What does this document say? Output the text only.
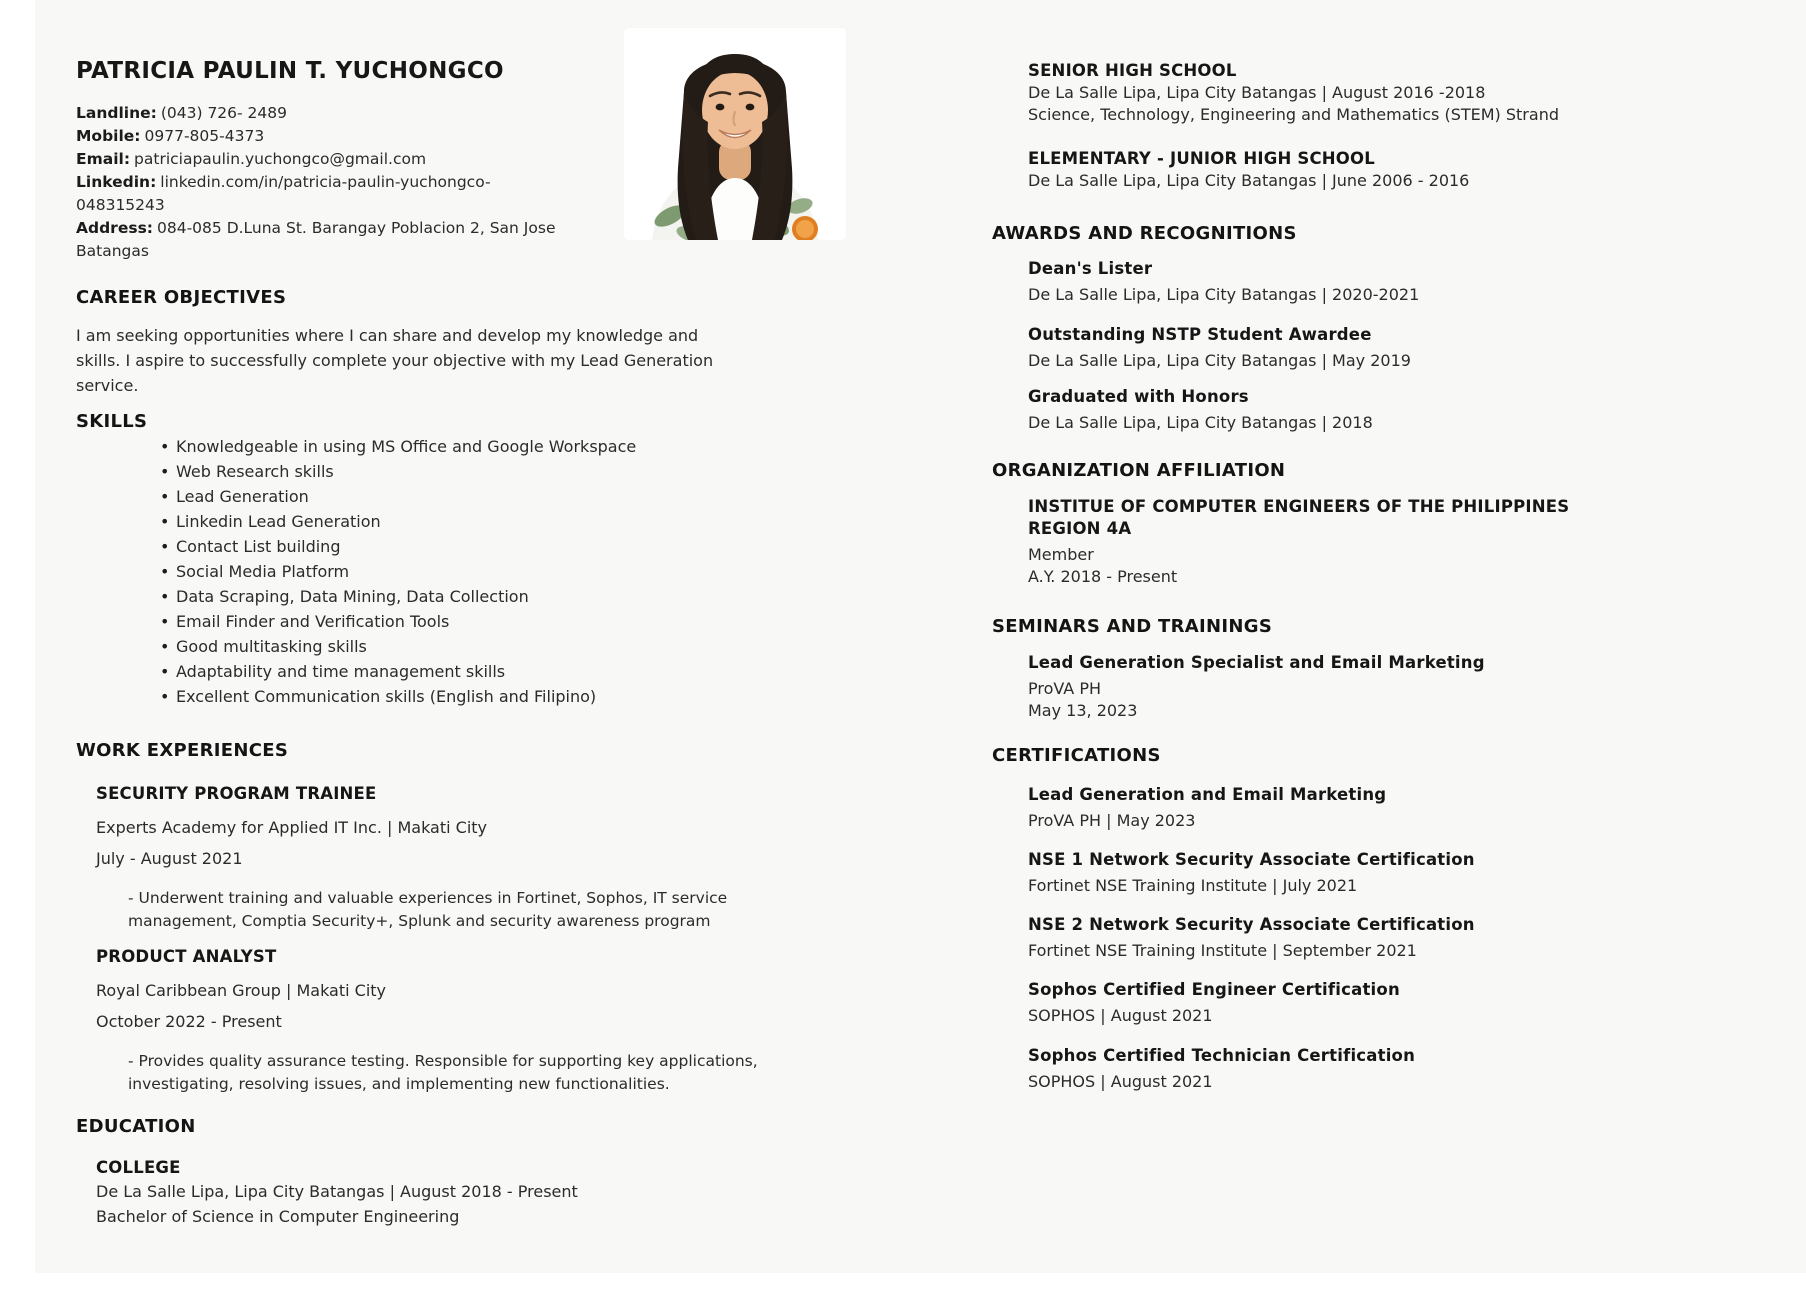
PATRICIA PAULIN T. YUCHONGCO
Landline: (043) 726- 2489
Mobile: 0977-805-4373
Email: patriciapaulin.yuchongco@gmail.com
Linkedin: linkedin.com/in/patricia-paulin-yuchongco-048315243
Address: 084-085 D.Luna St. Barangay Poblacion 2, San Jose Batangas
CAREER OBJECTIVES

I am seeking opportunities where I can share and develop my knowledge and skills. I aspire to successfully complete your objective with my Lead Generation service.

SKILLS
• Knowledgeable in using MS Office and Google Workspace
• Web Research skills
• Lead Generation
• Linkedin Lead Generation
• Contact List building
• Social Media Platform
• Data Scraping, Data Mining, Data Collection
• Email Finder and Verification Tools
• Good multitasking skills
• Adaptability and time management skills
• Excellent Communication skills (English and Filipino)
WORK EXPERIENCES
SECURITY PROGRAM TRAINEE

Experts Academy for Applied IT Inc. | Makati City

July - August 2021

- Underwent training and valuable experiences in Fortinet, Sophos, IT service management, Comptia Security+, Splunk and security awareness program

PRODUCT ANALYST

Royal Caribbean Group | Makati City

October 2022 - Present

- Provides quality assurance testing. Responsible for supporting key applications, investigating, resolving issues, and implementing new functionalities.

EDUCATION
COLLEGE

De La Salle Lipa, Lipa City Batangas | August 2018 - Present

Bachelor of Science in Computer Engineering

SENIOR HIGH SCHOOL

De La Salle Lipa, Lipa City Batangas | August 2016 -2018

Science, Technology, Engineering and Mathematics (STEM) Strand

ELEMENTARY - JUNIOR HIGH SCHOOL

De La Salle Lipa, Lipa City Batangas | June 2006 - 2016

AWARDS AND RECOGNITIONS
Dean's Lister

De La Salle Lipa, Lipa City Batangas | 2020-2021

Outstanding NSTP Student Awardee

De La Salle Lipa, Lipa City Batangas | May 2019

Graduated with Honors

De La Salle Lipa, Lipa City Batangas | 2018

ORGANIZATION AFFILIATION
INSTITUE OF COMPUTER ENGINEERS OF THE PHILIPPINES REGION 4A

Member

A.Y. 2018 - Present

SEMINARS AND TRAININGS
Lead Generation Specialist and Email Marketing

ProVA PH

May 13, 2023

CERTIFICATIONS
Lead Generation and Email Marketing

ProVA PH | May 2023

NSE 1 Network Security Associate Certification

Fortinet NSE Training Institute | July 2021

NSE 2 Network Security Associate Certification

Fortinet NSE Training Institute | September 2021

Sophos Certified Engineer Certification

SOPHOS | August 2021

Sophos Certified Technician Certification

SOPHOS | August 2021
